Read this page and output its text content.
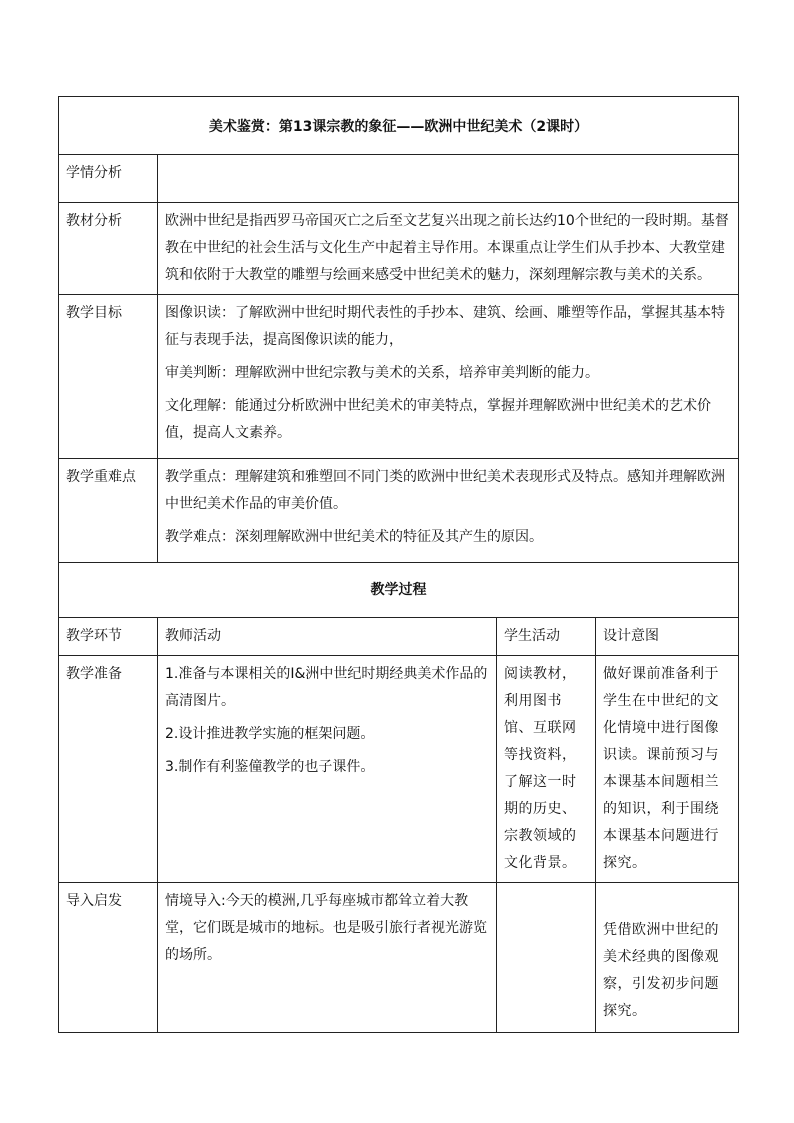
美术鉴赏：第13课宗教的象征——欧洲中世纪美术（2课时）			
学情分析			
教材分析	欧洲中世纪是指西罗马帝国灭亡之后至文艺复兴出现之前长达约10个世纪的一段时期。基督教在中世纪的社会生活与文化生产中起着主导作用。本课重点让学生们从手抄本、大教堂建筑和依附于大教堂的雕塑与绘画来感受中世纪美术的魅力，深刻理解宗教与美术的关系。		
教学目标	图像识读：了解欧洲中世纪时期代表性的手抄本、建筑、绘画、雕塑等作品，掌握其基本特征与表现手法，提高图像识读的能力，

审美判断：理解欧洲中世纪宗教与美术的关系，培养审美判断的能力。

文化理解：能通过分析欧洲中世纪美术的审美特点，掌握并理解欧洲中世纪美术的艺术价值，提高人文素养。		

教学重难点	教学重点：理解建筑和雅塑回不同门类的欧洲中世纪美术表现形式及特点。感知并理解欧洲中世纪美术作品的审美价值。

教学难点：深刻理解欧洲中世纪美术的特征及其产生的原因。		

教学过程			
教学环节	教师活动	学生活动	设计意图
教学准备	1.准备与本课相关的I&洲中世纪时期经典美术作品的高清图片。

2.设计推进教学实施的框架问题。

3.制作有利鉴僮教学的也子课件。	阅读教材，利用图书馆、互联网等找资料，了解这一时期的历史、宗教领域的文化背景。	做好课前准备利于学生在中世纪的文化情境中进行图像识读。课前预习与本课基本间题相兰的知识，利于围绕本课基本问题进行探究。
导入启发	情境导入:今天的模洲,几乎每座城市都耸立着大教堂，它们既是城市的地标。也是吸引旅行者视光游览的场所。		凭借欧洲中世纪的美术经典的图像观察，引发初步问题探究。
